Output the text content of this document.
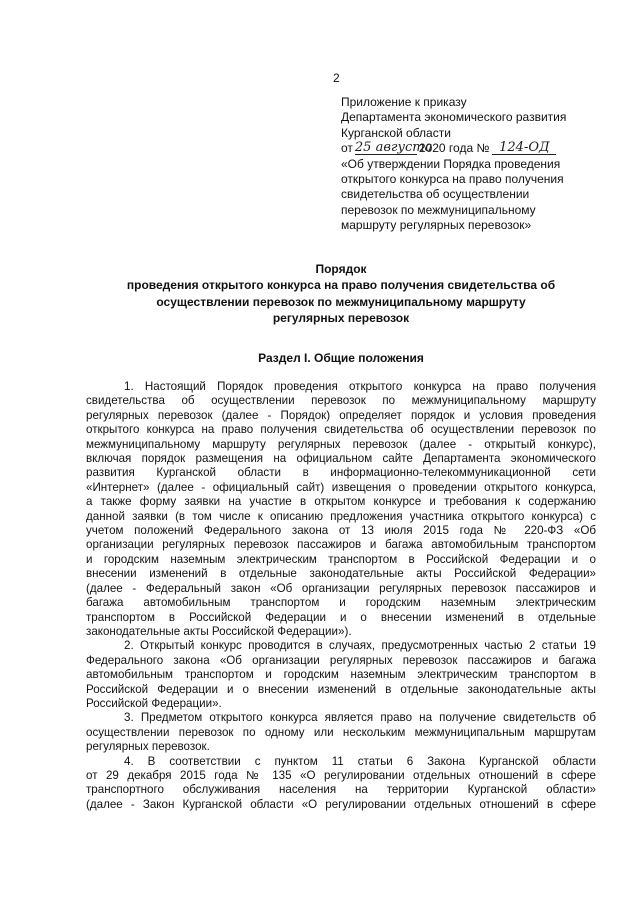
2
Приложение к приказу
Департамента экономического развития
Курганской области
от 25 августа2020 года № 124-ОД
«Об утверждении Порядка проведения
открытого конкурса на право получения
свидетельства об осуществлении
перевозок по межмуниципальному
маршруту регулярных перевозок»
Порядок
проведения открытого конкурса на право получения свидетельства об
осуществлении перевозок по межмуниципальному маршруту
регулярных перевозок
Раздел I. Общие положения
1. Настоящий Порядок проведения открытого конкурса на право получения
свидетельства об осуществлении перевозок по межмуниципальному маршруту
регулярных перевозок (далее - Порядок) определяет порядок и условия проведения
открытого конкурса на право получения свидетельства об осуществлении перевозок по
межмуниципальному маршруту регулярных перевозок (далее - открытый конкурс),
включая порядок размещения на официальном сайте Департамента экономического
развития Курганской области в информационно-телекоммуникационной сети
«Интернет» (далее - официальный сайт) извещения о проведении открытого конкурса,
а также форму заявки на участие в открытом конкурсе и требования к содержанию
данной заявки (в том числе к описанию предложения участника открытого конкурса) с
учетом положений Федерального закона от 13 июля 2015 года № 220-ФЗ «Об
организации регулярных перевозок пассажиров и багажа автомобильным транспортом
и городским наземным электрическим транспортом в Российской Федерации и о
внесении изменений в отдельные законодательные акты Российской Федерации»
(далее - Федеральный закон «Об организации регулярных перевозок пассажиров и
багажа автомобильным транспортом и городским наземным электрическим
транспортом в Российской Федерации и о внесении изменений в отдельные
законодательные акты Российской Федерации»).
2. Открытый конкурс проводится в случаях, предусмотренных частью 2 статьи 19
Федерального закона «Об организации регулярных перевозок пассажиров и багажа
автомобильным транспортом и городским наземным электрическим транспортом в
Российской Федерации и о внесении изменений в отдельные законодательные акты
Российской Федерации».
3. Предметом открытого конкурса является право на получение свидетельств об
осуществлении перевозок по одному или нескольким межмуниципальным маршрутам
регулярных перевозок.
4. В соответствии с пунктом 11 статьи 6 Закона Курганской области
от 29 декабря 2015 года № 135 «О регулировании отдельных отношений в сфере
транспортного обслуживания населения на территории Курганской области»
(далее - Закон Курганской области «О регулировании отдельных отношений в сфере
